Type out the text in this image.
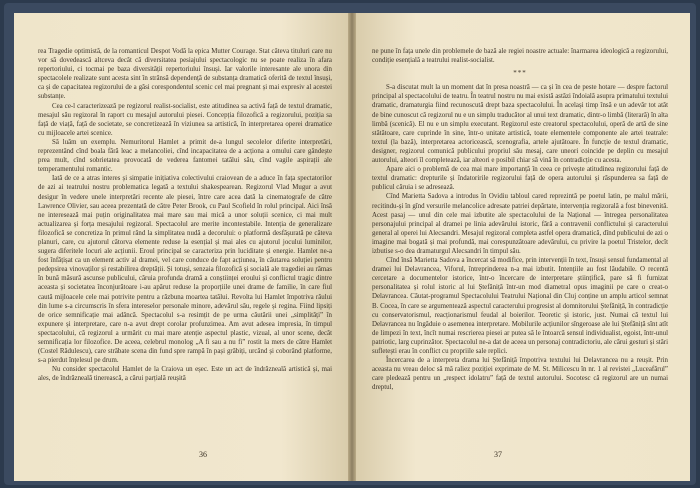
rea Tragedie optimistă, de la romanticul Despot Vodă la epica Mutter Courage. Stat câteva tituluri care nu vor să dovedească altceva decât că diversitatea pesiajului spectacologic nu se poate realiza în afara repertoriului, ci tocmai pe baza diversității repertoriului însuși. Iar valorile interesante ale unora din spectacolele realizate sunt acesta sint în strânsă dependență de substanța dramatică oferită de textul însuși, ca și de capacitatea regizorului de a găsi corespondentul scenic cel mai pregnant și mai expresiv al acestei substanțe.

Cea ce-l caracterizează pe regizorul realist-socialist, este atitudinea sa activă față de textul dramatic, mesajul său regizoral în raport cu mesajul autorului piesei. Concepția filozofică a regizorului, poziția sa față de viață, față de societate, se concretizează în viziunea sa artistică, în interpretarea operei dramatice cu mijloacele artei scenice.

Să luăm un exemplu. Nemuritorul Hamlet a primit de-a lungul secolelor diferite interpretări, reprezentând cînd boala fără leac a melancoliei, cînd incapacitatea de a acționa a omului care gândește prea mult, cînd sobrietatea provocată de vederea fantomei tatălui său, cînd vagile aspirații ale temperamentului romantic.

Iată de ce a atras interes și simpatie inițiativa colectivului craiovean de a aduce în fața spectatorilor de azi ai teatrului nostru problematica legată a textului shakespearean. Regizorul Vlad Mugur a avut desigur în vedere unele interpretări recente ale piesei, între care acea dată la cinematografe de către Lawrence Olivier, sau aceea prezentată de către Peter Brook, cu Paul Scofield în rolul principal. Aici însă ne interesează mai puțin originalitatea mai mare sau mai mică a unor soluții scenice, ci mai mult actualizarea și forța mesajului regizoral. Spectacolul are merite incontestabile. Intenția de generalizare filozofică se concretiza în primul rând la simplitatea nudă a decorului: o platformă desfășurată pe câteva planuri, care, cu ajutorul câtorva elemente reduse la esențial și mai ales cu ajutorul jocului luminilor, sugera diferitele locuri ale acțiunii. Eroul principal se caracteriza prin luciditate și energie. Hamlet ne-a fost înfățișat ca un element activ al dramei, vel care conduce de fapt acțiunea, în căutarea soluției pentru pedepsirea vinovaților și restabilirea dreptății. Și totuși, senzaia filozofică și socială ale tragediei au rămas în bună măsură ascunse publicului, căruia profunda dramă a conștiinței eroului și conflictul tragic dintre aceasta și societatea înconjurătoare i-au apărut reduse la proporțiile unei drame de familie, în care fiul caută mijloacele cele mai potrivite pentru a răzbuna moartea tatălui. Revolta lui Hamlet împotriva răului din lume s-a circumscris în sfera intereselor personale minore, adevărul său, regele și regina. Fiind lipsiți de orice semnificație mai adâncă. Spectacolul s-a resimțit de pe urma căutării unei „simplități” în expunere și interpretare, care n-a avut drept corolar profunzimea. Am avut adesea impresia, în timpul spectacolului, că regizorul a urmărit cu mai mare atenție aspectul plastic, vizual, al unor scene, decât semnificația lor filozofice. De aceea, celebrul monolog „A fi sau a nu fi” rostit la mers de către Hamlet (Costel Rădulescu), care străbate scena din fund spre rampă în pași grăbiți, urcând și coborând platforme, s-a pierdut înțelesul pe drum.

Nu consider spectacolul Hamlet de la Craiova un eșec. Este un act de îndrăzneală artistică și, mai ales, de îndrăzneală tinerească, a cărui parțială reușită

36

ne pune în fața unele din problemele de bază ale regiei noastre actuale: înarmarea ideologică a regizorului, condiție esențială a teatrului realist-socialist.

***

S-a discutat mult la un moment dat în presa noastră — ca și în cea de peste hotare — despre factorul principal al spectacolului de teatru. În teatrul nostru nu mai există astăzi îndoială asupra primatului textului dramatic, dramaturgia fiind recunoscută drept baza spectacolului. În același timp însă e un adevăr tot atât de bine cunoscut că regizorul nu e un simplu traducător al unui text dramatic, dintr-o limbă (literară) în alta limbă (scenică). El nu e un simplu executant. Regizorul este creatorul spectacolului, operă de artă de sine stătătoare, care cuprinde în sine, într-o unitate artistică, toate elementele componente ale artei teatrale: textul (la bază), interpretarea actoricească, scenografia, artele ajutătoare. În funcție de textul dramatic, designer, regizorul comunică publicului propriul său mesaj, care uneori coincide pe deplin cu mesajul autorului, alteori îl completează, iar alteori e posibil chiar să vină în contradicție cu acesta.

Apare aici o problemă de cea mai mare importanță în ceea ce privește atitudinea regizorului față de textul dramatic: drepturile și îndatoririle regizorului față de opera autorului și răspunderea sa față de publicul căruia i se adresează.

Cînd Marietta Sadova a introdus în Ovidiu tabloul cared reprezintă pe poetul latin, pe malul mării, recitindu-și în gînd versurile melancolice adresate patriei depărtate, intervenția regizorală a fost binevenită. Acest pasaj — unul din cele mai izbutite ale spectacolului de la Național — întregea personalitatea personajului principal al dramei pe linia adevărului istoric, fără a contravenii conflictului și caracterului general al operei lui Alecsandri. Mesajul regizoral completa astfel opera dramatică, dînd publicului de azi o imagine mai bogată și mai profundă, mai corespunzătoare adevărului, cu privire la poetul Tristelor, decît izbutise s-o dea dramaturgul Alecsandri în timpul său.

Cînd însă Marietta Sadova a încercat să modifice, prin intervenții în text, însuși sensul fundamental al dramei lui Delavrancea, Viforul, întreprinderea n-a mai izbutit. Intențiile au fost lăudabile. O recentă cercetare a documentelor istorice, într-o încercare de interpretare științifică, pare să fi furnizat personalitatea și rolul istoric al lui Ștefăniță într-un mod diametral opus imaginii pe care o creat-o Delavrancea. Căutat-programul Spectacolului Teatrului Național din Cluj conține un amplu articol semnat B. Cocea, în care se argumentează aspectul caracterului progresist al domnitorului Ștefăniță, în contradicție cu conservatorismul, reacționarismul feudal al boierilor. Teoretic și istoric, just. Numai că textul lui Delavrancea nu îngăduie o asemenea interpretare. Mobilurile acțiunilor sîngeroase ale lui Ștefăniță sînt atît de limpezi în text, încît numai rescrierea piesei ar putea să le întoarcă sensul individualist, egoist, într-unul patriotic, larg cuprinzător. Spectacolul ne-a dat de aceea un personaj contradictoriu, ale cărui gesturi și stări sufletești erau în conflict cu propriile sale replici.

Încercarea de a interpreta drama lui Ștefăniță împotriva textului lui Delavrancea nu a reușit. Prin aceasta nu vreau deloc să mă raliez poziției exprimate de M. St. Milicescu în nr. 1 al revistei „Luceafărul” care pledează pentru un „respect idolatru” față de textul autorului. Socotesc că regizorul are un numai dreptul,

37
